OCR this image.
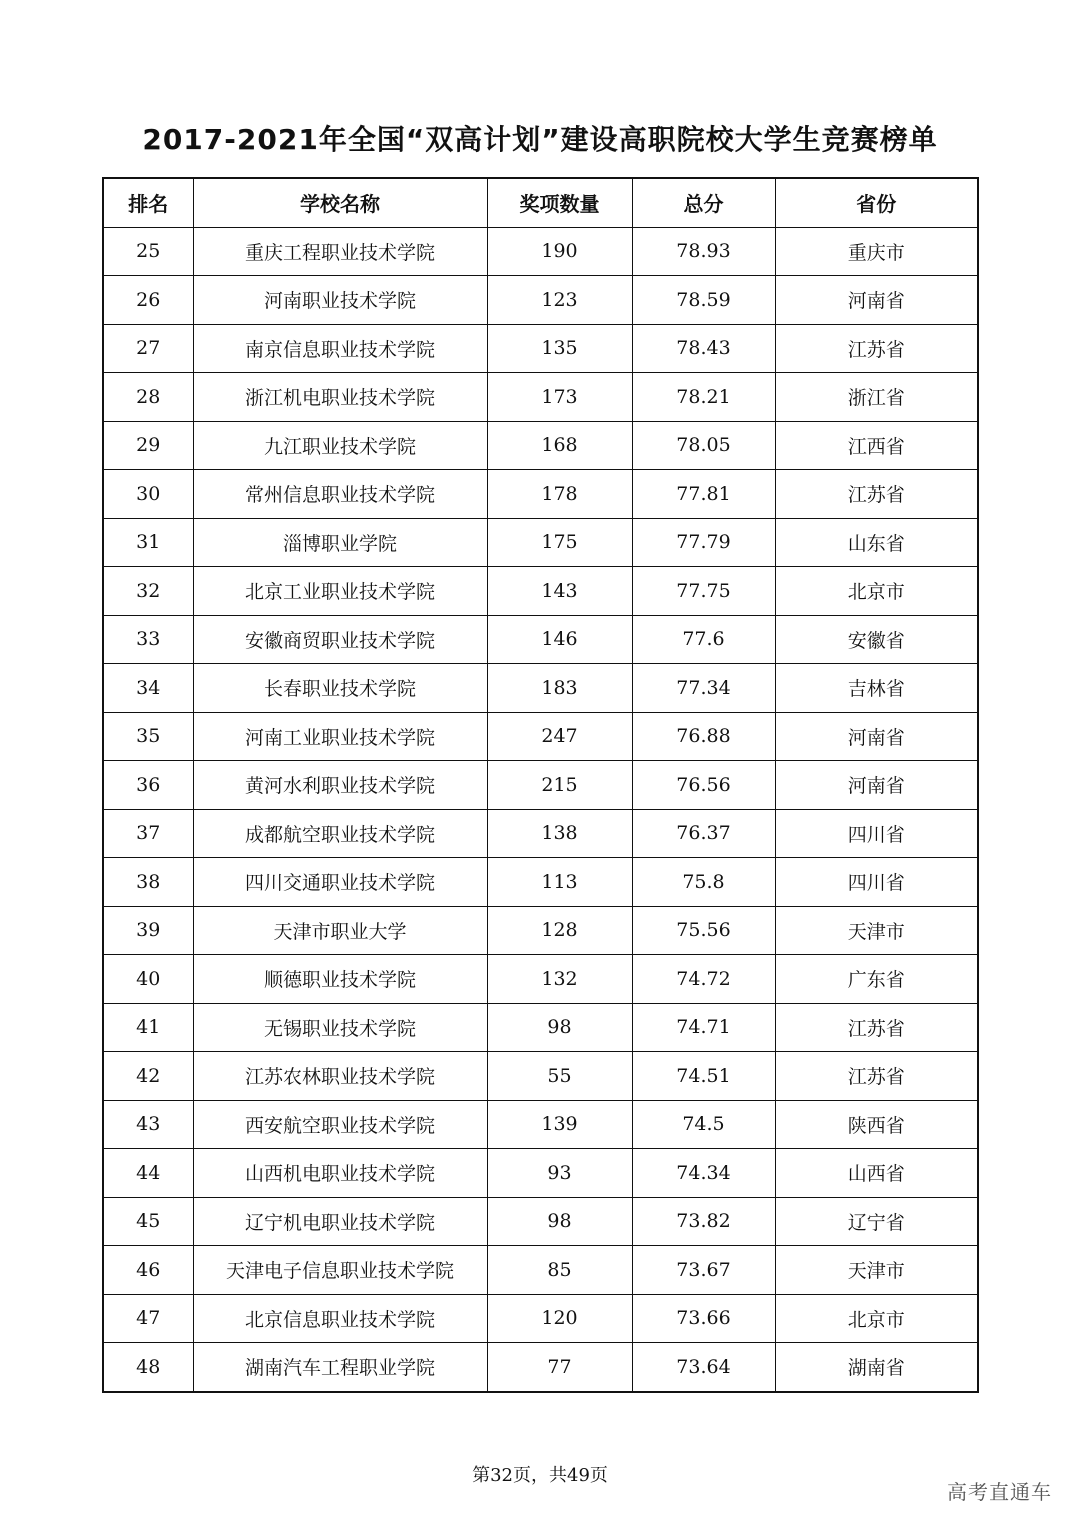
2017-2021年全国“双高计划”建设高职院校大学生竞赛榜单
排名	学校名称	奖项数量	总分	省份
25	重庆工程职业技术学院	190	78.93	重庆市
26	河南职业技术学院	123	78.59	河南省
27	南京信息职业技术学院	135	78.43	江苏省
28	浙江机电职业技术学院	173	78.21	浙江省
29	九江职业技术学院	168	78.05	江西省
30	常州信息职业技术学院	178	77.81	江苏省
31	淄博职业学院	175	77.79	山东省
32	北京工业职业技术学院	143	77.75	北京市
33	安徽商贸职业技术学院	146	77.6	安徽省
34	长春职业技术学院	183	77.34	吉林省
35	河南工业职业技术学院	247	76.88	河南省
36	黄河水利职业技术学院	215	76.56	河南省
37	成都航空职业技术学院	138	76.37	四川省
38	四川交通职业技术学院	113	75.8	四川省
39	天津市职业大学	128	75.56	天津市
40	顺德职业技术学院	132	74.72	广东省
41	无锡职业技术学院	98	74.71	江苏省
42	江苏农林职业技术学院	55	74.51	江苏省
43	西安航空职业技术学院	139	74.5	陕西省
44	山西机电职业技术学院	93	74.34	山西省
45	辽宁机电职业技术学院	98	73.82	辽宁省
46	天津电子信息职业技术学院	85	73.67	天津市
47	北京信息职业技术学院	120	73.66	北京市
48	湖南汽车工程职业学院	77	73.64	湖南省
第32页，共49页
高考直通车
